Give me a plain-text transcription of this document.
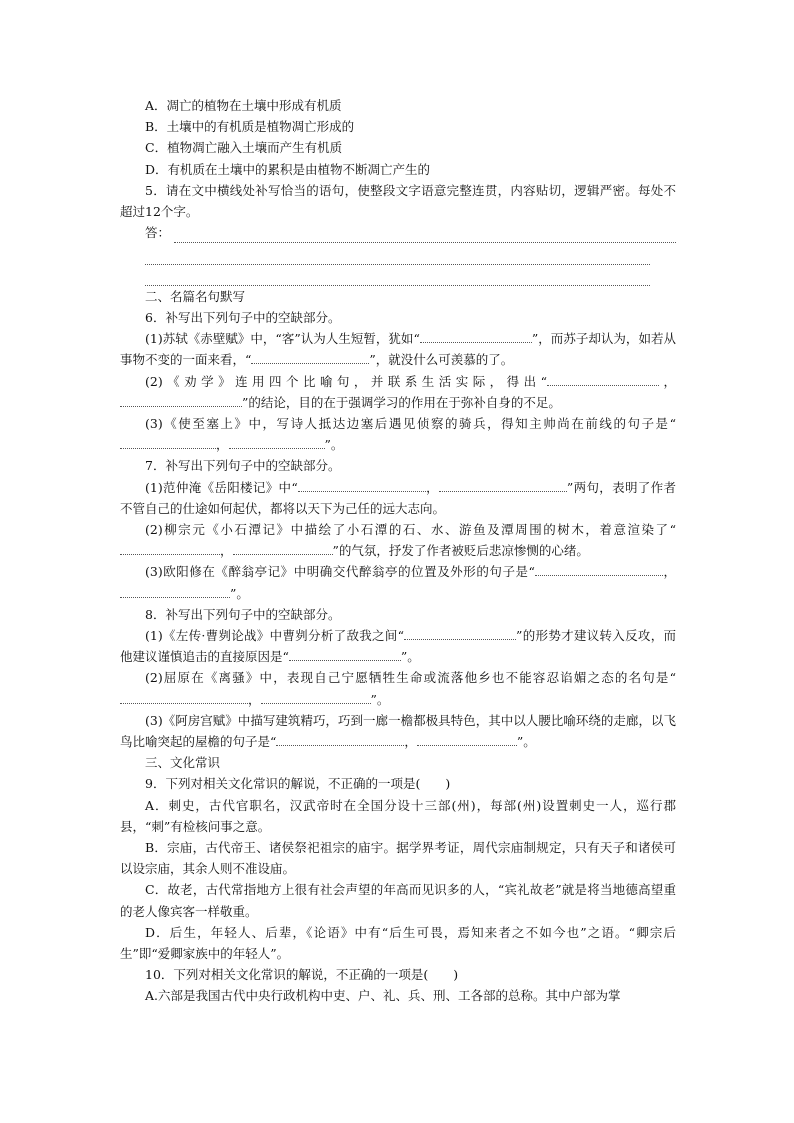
A．凋亡的植物在土壤中形成有机质

B．土壤中的有机质是植物凋亡形成的

C．植物凋亡融入土壤而产生有机质

D．有机质在土壤中的累积是由植物不断凋亡产生的

5．请在文中横线处补写恰当的语句，使整段文字语意完整连贯，内容贴切，逻辑严密。每处不超过12个字。

答：

二、名篇名句默写

6．补写出下列句子中的空缺部分。

(1)苏轼《赤壁赋》中，“客”认为人生短暂，犹如“	”，而苏子却认为，如若从事物不变的一面来看，“	”，就没什么可羡慕的了。

(2)《劝学》连用四个比喻句，并联系生活实际，得出“	，”的结论，目的在于强调学习的作用在于弥补自身的不足。

(3)《使至塞上》中，写诗人抵达边塞后遇见侦察的骑兵，得知主帅尚在前线的句子是“，	”。

7．补写出下列句子中的空缺部分。

(1)范仲淹《岳阳楼记》中“	，	”两句，表明了作者不管自己的仕途如何起伏，都将以天下为己任的远大志向。

(2)柳宗元《小石潭记》中描绘了小石潭的石、水、游鱼及潭周围的树木，着意渲染了“，	”的气氛，抒发了作者被贬后悲凉惨恻的心绪。

(3)欧阳修在《醉翁亭记》中明确交代醉翁亭的位置及外形的句子是“	，”。

8．补写出下列句子中的空缺部分。

(1)《左传·曹刿论战》中曹刿分析了敌我之间“	”的形势才建议转入反攻，而他建议谨慎追击的直接原因是“	”。

(2)屈原在《离骚》中，表现自己宁愿牺牲生命或流落他乡也不能容忍谄媚之态的名句是“，	”。

(3)《阿房宫赋》中描写建筑精巧，巧到一廊一檐都极具特色，其中以人腰比喻环绕的走廊，以飞鸟比喻突起的屋檐的句子是“	，	”。

三、文化常识

9．下列对相关文化常识的解说，不正确的一项是(　　)

A．刺史，古代官职名，汉武帝时在全国分设十三部(州)，每部(州)设置刺史一人，巡行郡县，“刺”有检核问事之意。

B．宗庙，古代帝王、诸侯祭祀祖宗的庙宇。据学界考证，周代宗庙制规定，只有天子和诸侯可以设宗庙，其余人则不准设庙。

C．故老，古代常指地方上很有社会声望的年高而见识多的人，“宾礼故老”就是将当地德高望重的老人像宾客一样敬重。

D．后生，年轻人、后辈，《论语》中有“后生可畏，焉知来者之不如今也”之语。“卿宗后生”即“爱卿家族中的年轻人”。

10．下列对相关文化常识的解说，不正确的一项是(　　)

A.六部是我国古代中央行政机构中吏、户、礼、兵、刑、工各部的总称。其中户部为掌
